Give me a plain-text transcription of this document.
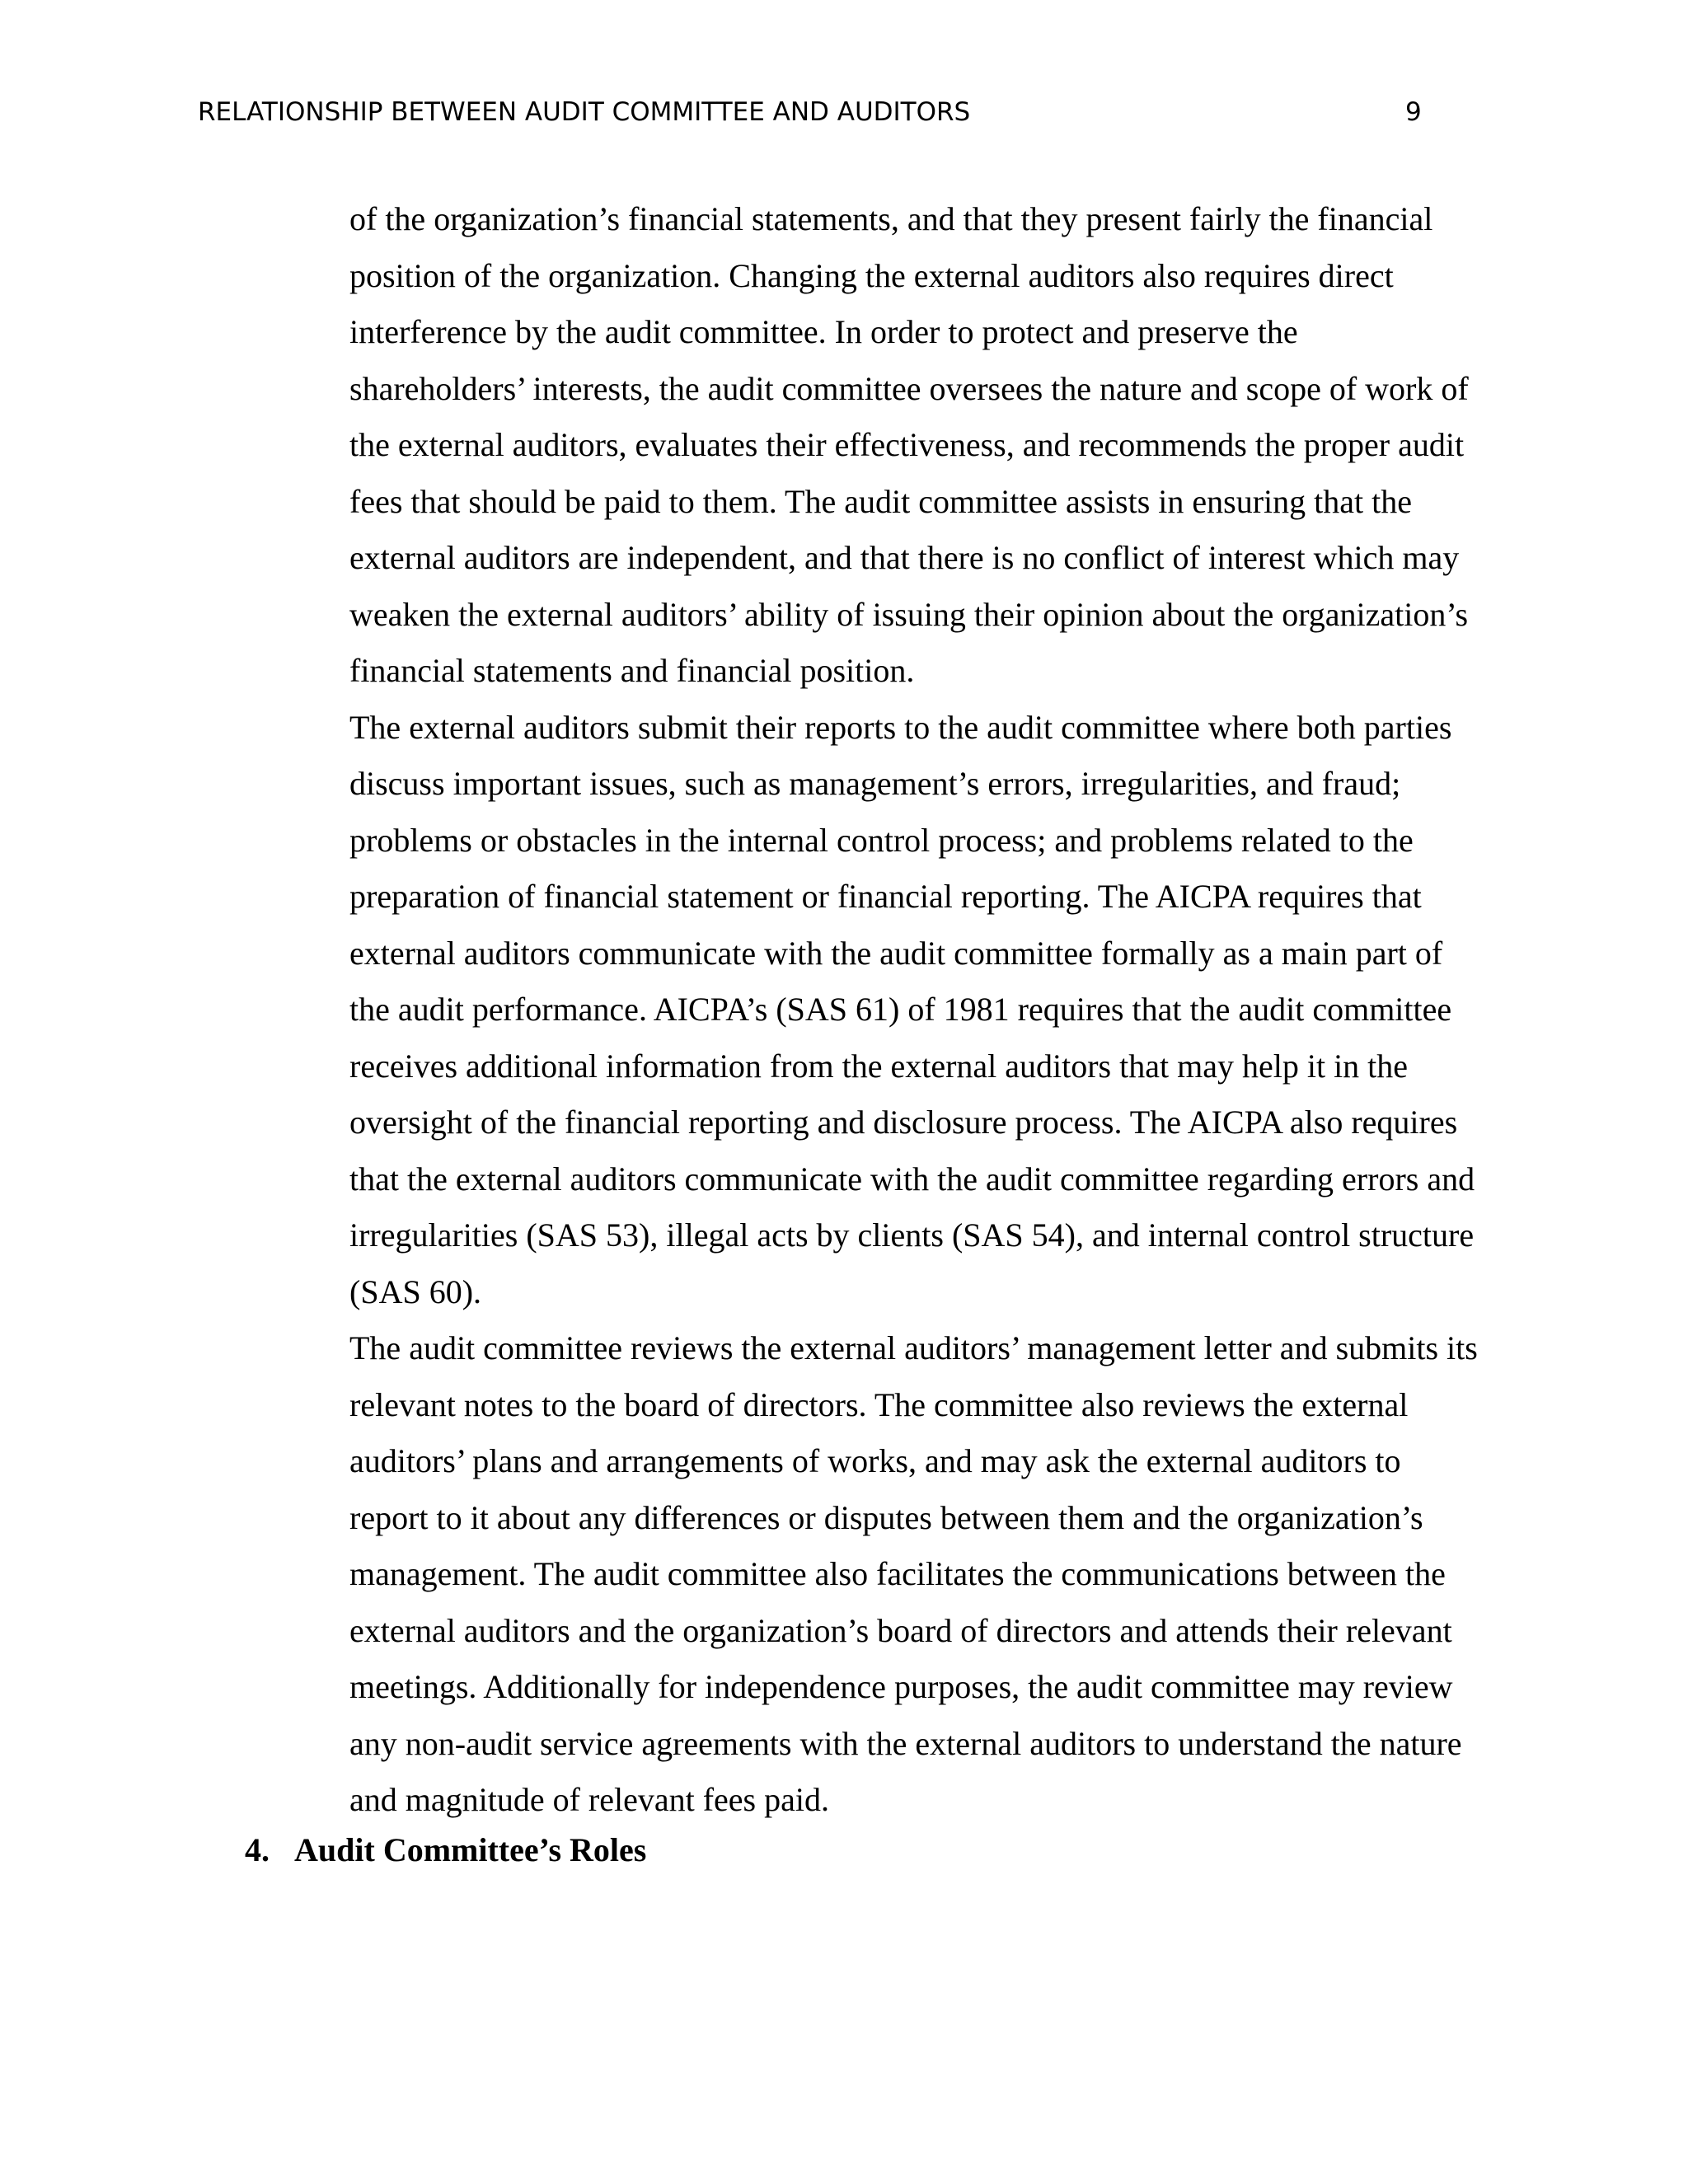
RELATIONSHIP BETWEEN AUDIT COMMITTEE AND AUDITORS	9
of the organization’s financial statements, and that they present fairly the financial
position of the organization. Changing the external auditors also requires direct
interference by the audit committee. In order to protect and preserve the
shareholders’ interests, the audit committee oversees the nature and scope of work of
the external auditors, evaluates their effectiveness, and recommends the proper audit
fees that should be paid to them. The audit committee assists in ensuring that the
external auditors are independent, and that there is no conflict of interest which may
weaken the external auditors’ ability of issuing their opinion about the organization’s
financial statements and financial position.
The external auditors submit their reports to the audit committee where both parties
discuss important issues, such as management’s errors, irregularities, and fraud;
problems or obstacles in the internal control process; and problems related to the
preparation of financial statement or financial reporting. The AICPA requires that
external auditors communicate with the audit committee formally as a main part of
the audit performance. AICPA’s (SAS 61) of 1981 requires that the audit committee
receives additional information from the external auditors that may help it in the
oversight of the financial reporting and disclosure process. The AICPA also requires
that the external auditors communicate with the audit committee regarding errors and
irregularities (SAS 53), illegal acts by clients (SAS 54), and internal control structure
(SAS 60).
The audit committee reviews the external auditors’ management letter and submits its
relevant notes to the board of directors. The committee also reviews the external
auditors’ plans and arrangements of works, and may ask the external auditors to
report to it about any differences or disputes between them and the organization’s
management. The audit committee also facilitates the communications between the
external auditors and the organization’s board of directors and attends their relevant
meetings. Additionally for independence purposes, the audit committee may review
any non-audit service agreements with the external auditors to understand the nature
and magnitude of relevant fees paid.
4. Audit Committee’s Roles
